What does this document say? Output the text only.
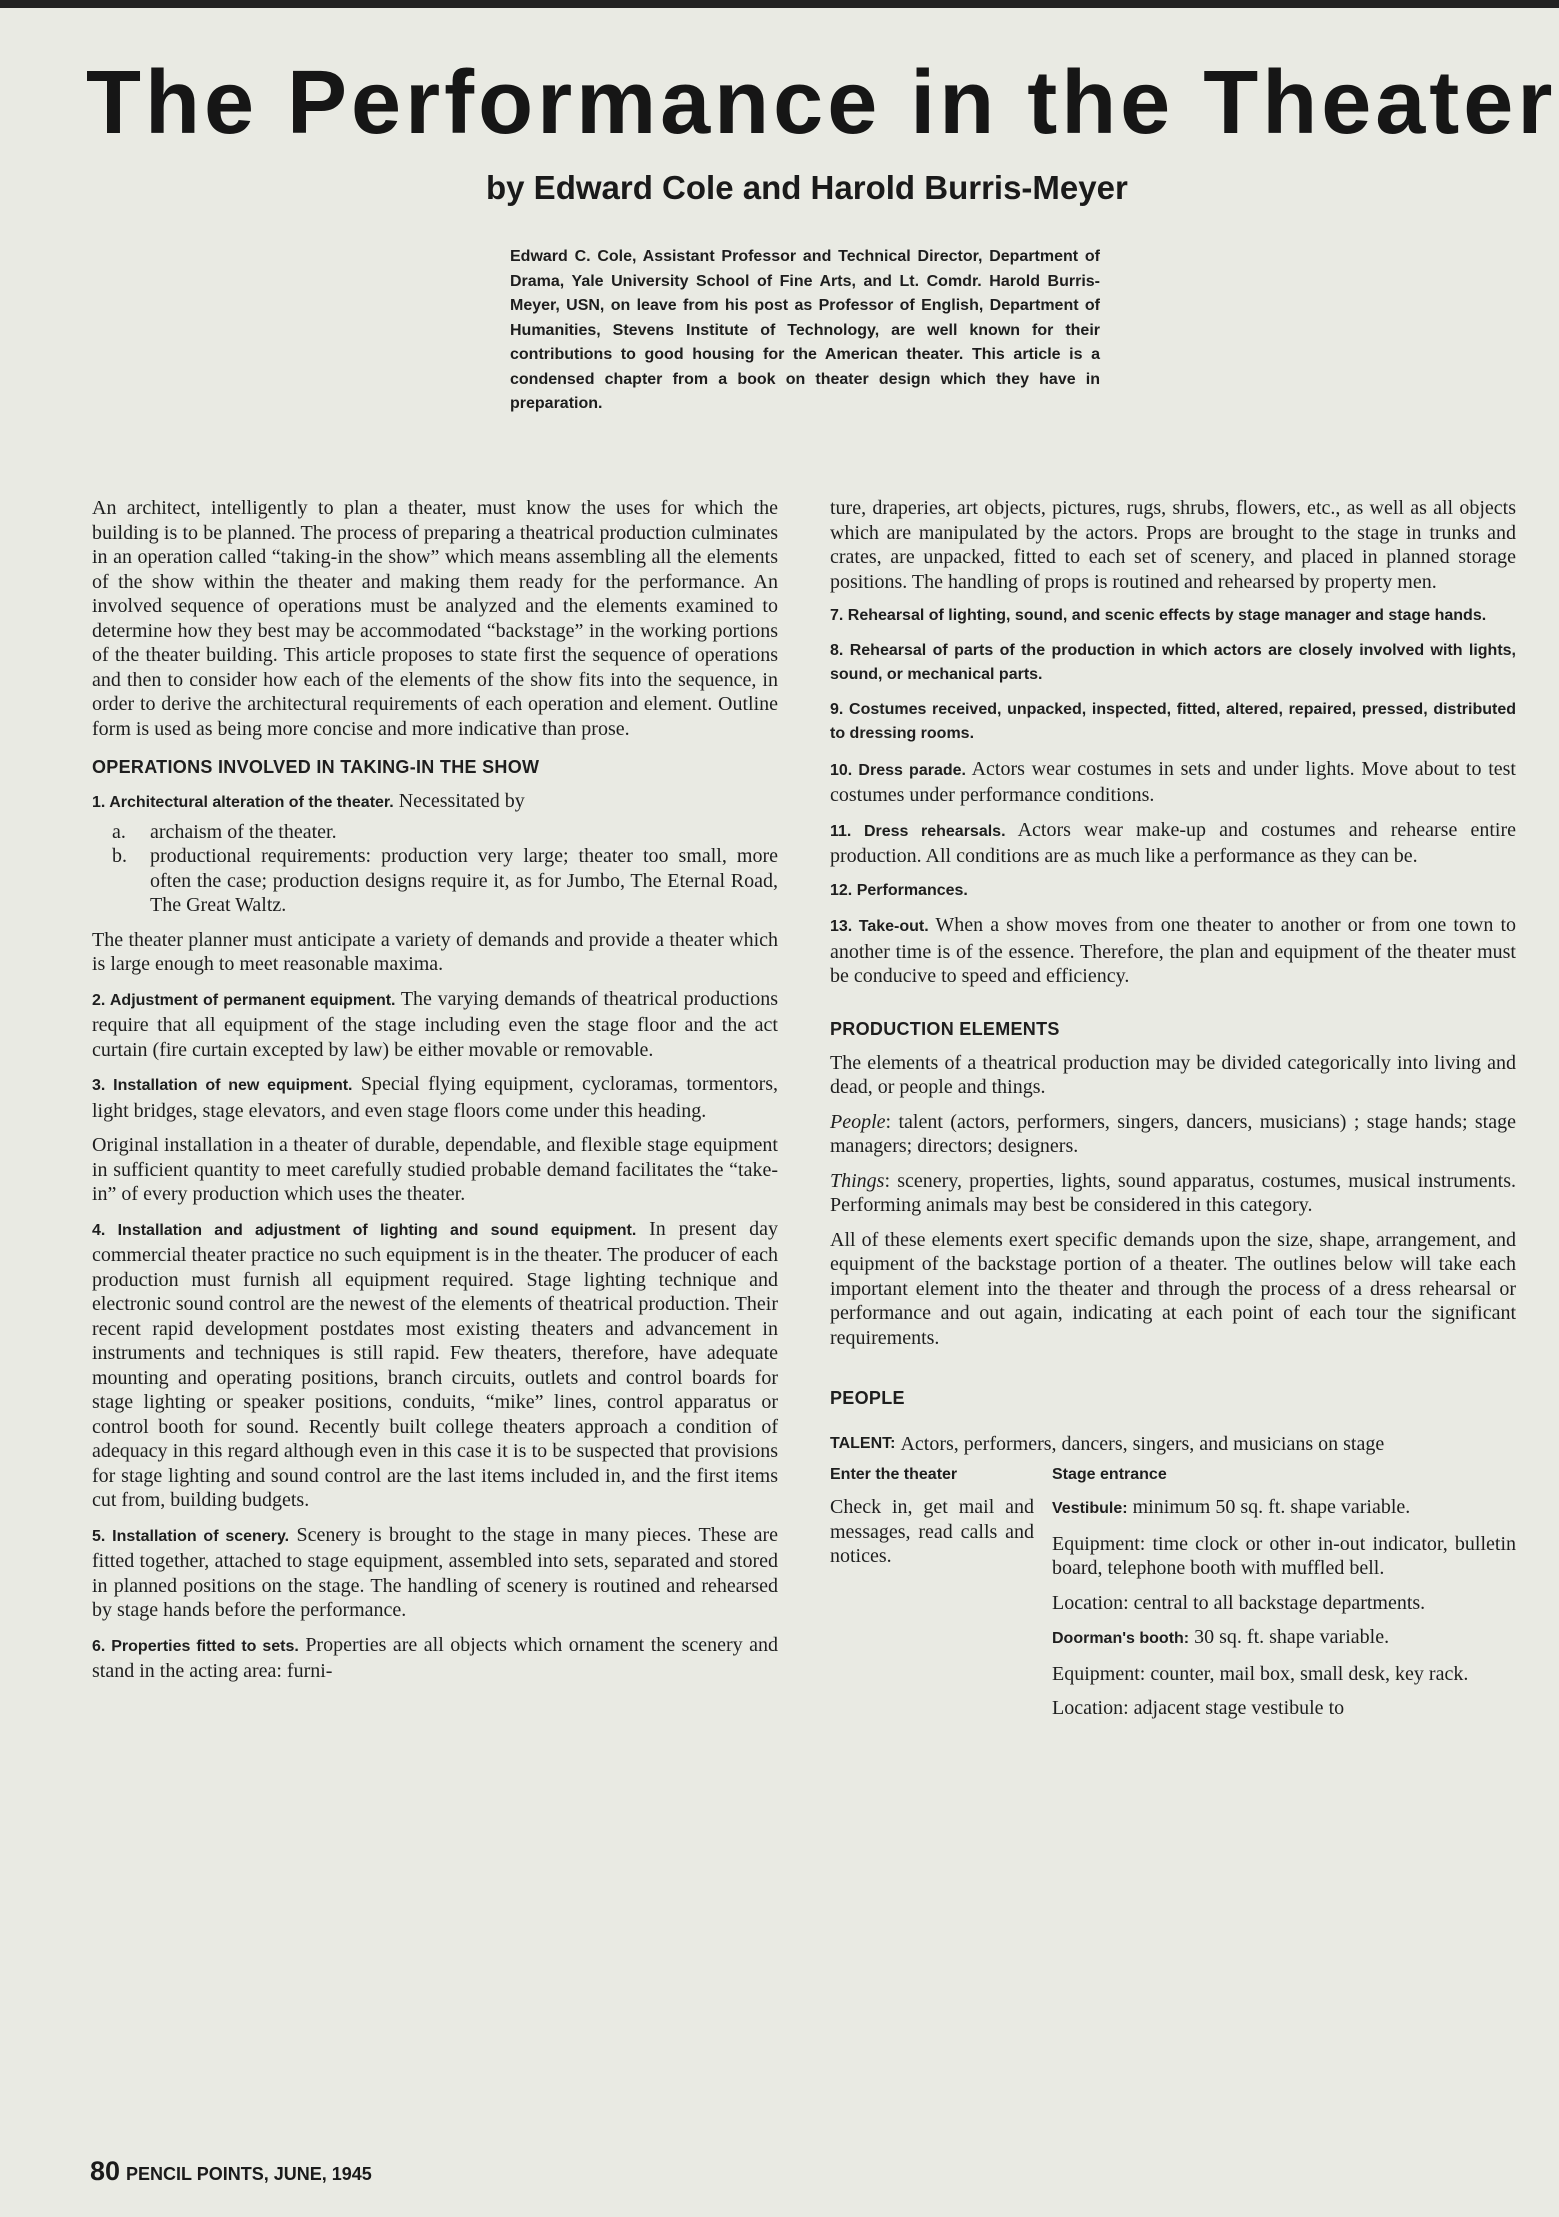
The Performance in the Theater
by Edward Cole and Harold Burris-Meyer

Edward C. Cole, Assistant Professor and Technical Director, Department of Drama, Yale University School of Fine Arts, and Lt. Comdr. Harold Burris-Meyer, USN, on leave from his post as Professor of English, Department of Humanities, Stevens Institute of Technology, are well known for their contributions to good housing for the American theater. This article is a condensed chapter from a book on theater design which they have in preparation.

An architect, intelligently to plan a theater, must know the uses for which the building is to be planned. The process of preparing a theatrical production culminates in an operation called “taking-in the show” which means assembling all the elements of the show within the theater and making them ready for the performance. An involved sequence of operations must be analyzed and the elements examined to determine how they best may be accommodated “backstage” in the working portions of the theater building. This article proposes to state first the sequence of operations and then to consider how each of the elements of the show fits into the sequence, in order to derive the architectural requirements of each operation and element. Outline form is used as being more concise and more indicative than prose.

OPERATIONS INVOLVED IN TAKING-IN THE SHOW

1. Architectural alteration of the theater. Necessitated by

a.	archaism of the theater.
b.	productional requirements: production very large; theater too small, more often the case; production designs require it, as for Jumbo, The Eternal Road, The Great Waltz.

The theater planner must anticipate a variety of demands and provide a theater which is large enough to meet reasonable maxima.

2. Adjustment of permanent equipment. The varying demands of theatrical productions require that all equipment of the stage including even the stage floor and the act curtain (fire curtain excepted by law) be either movable or removable.

3. Installation of new equipment. Special flying equipment, cycloramas, tormentors, light bridges, stage elevators, and even stage floors come under this heading.

Original installation in a theater of durable, dependable, and flexible stage equipment in sufficient quantity to meet carefully studied probable demand facilitates the “take-in” of every production which uses the theater.

4. Installation and adjustment of lighting and sound equipment. In present day commercial theater practice no such equipment is in the theater. The producer of each production must furnish all equipment required. Stage lighting technique and electronic sound control are the newest of the elements of theatrical production. Their recent rapid development postdates most existing theaters and advancement in instruments and techniques is still rapid. Few theaters, therefore, have adequate mounting and operating positions, branch circuits, outlets and control boards for stage lighting or speaker positions, conduits, “mike” lines, control apparatus or control booth for sound. Recently built college theaters approach a condition of adequacy in this regard although even in this case it is to be suspected that provisions for stage lighting and sound control are the last items included in, and the first items cut from, building budgets.

5. Installation of scenery. Scenery is brought to the stage in many pieces. These are fitted together, attached to stage equipment, assembled into sets, separated and stored in planned positions on the stage. The handling of scenery is routined and rehearsed by stage hands before the performance.

6. Properties fitted to sets. Properties are all objects which ornament the scenery and stand in the acting area: furni-

ture, draperies, art objects, pictures, rugs, shrubs, flowers, etc., as well as all objects which are manipulated by the actors. Props are brought to the stage in trunks and crates, are unpacked, fitted to each set of scenery, and placed in planned storage positions. The handling of props is routined and rehearsed by property men.

7. Rehearsal of lighting, sound, and scenic effects by stage manager and stage hands.

8. Rehearsal of parts of the production in which actors are closely involved with lights, sound, or mechanical parts.

9. Costumes received, unpacked, inspected, fitted, altered, repaired, pressed, distributed to dressing rooms.

10. Dress parade. Actors wear costumes in sets and under lights. Move about to test costumes under performance conditions.

11. Dress rehearsals. Actors wear make-up and costumes and rehearse entire production. All conditions are as much like a performance as they can be.

12. Performances.

13. Take-out. When a show moves from one theater to another or from one town to another time is of the essence. Therefore, the plan and equipment of the theater must be conducive to speed and efficiency.

PRODUCTION ELEMENTS

The elements of a theatrical production may be divided categorically into living and dead, or people and things.

People: talent (actors, performers, singers, dancers, musicians) ; stage hands; stage managers; directors; designers.

Things: scenery, properties, lights, sound apparatus, costumes, musical instruments. Performing animals may best be considered in this category.

All of these elements exert specific demands upon the size, shape, arrangement, and equipment of the backstage portion of a theater. The outlines below will take each important element into the theater and through the process of a dress rehearsal or performance and out again, indicating at each point of each tour the significant requirements.

PEOPLE
TALENT:
Actors, performers, dancers, singers, and musicians on stage
Enter the theater

Check in, get mail and messages, read calls and notices.

Stage entrance

Vestibule: minimum 50 sq. ft. shape variable.

Equipment: time clock or other in-out indicator, bulletin board, telephone booth with muffled bell.

Location: central to all backstage departments.

Doorman's booth: 30 sq. ft. shape variable.

Equipment: counter, mail box, small desk, key rack.

Location: adjacent stage vestibule to

80 PENCIL POINTS, JUNE, 1945
